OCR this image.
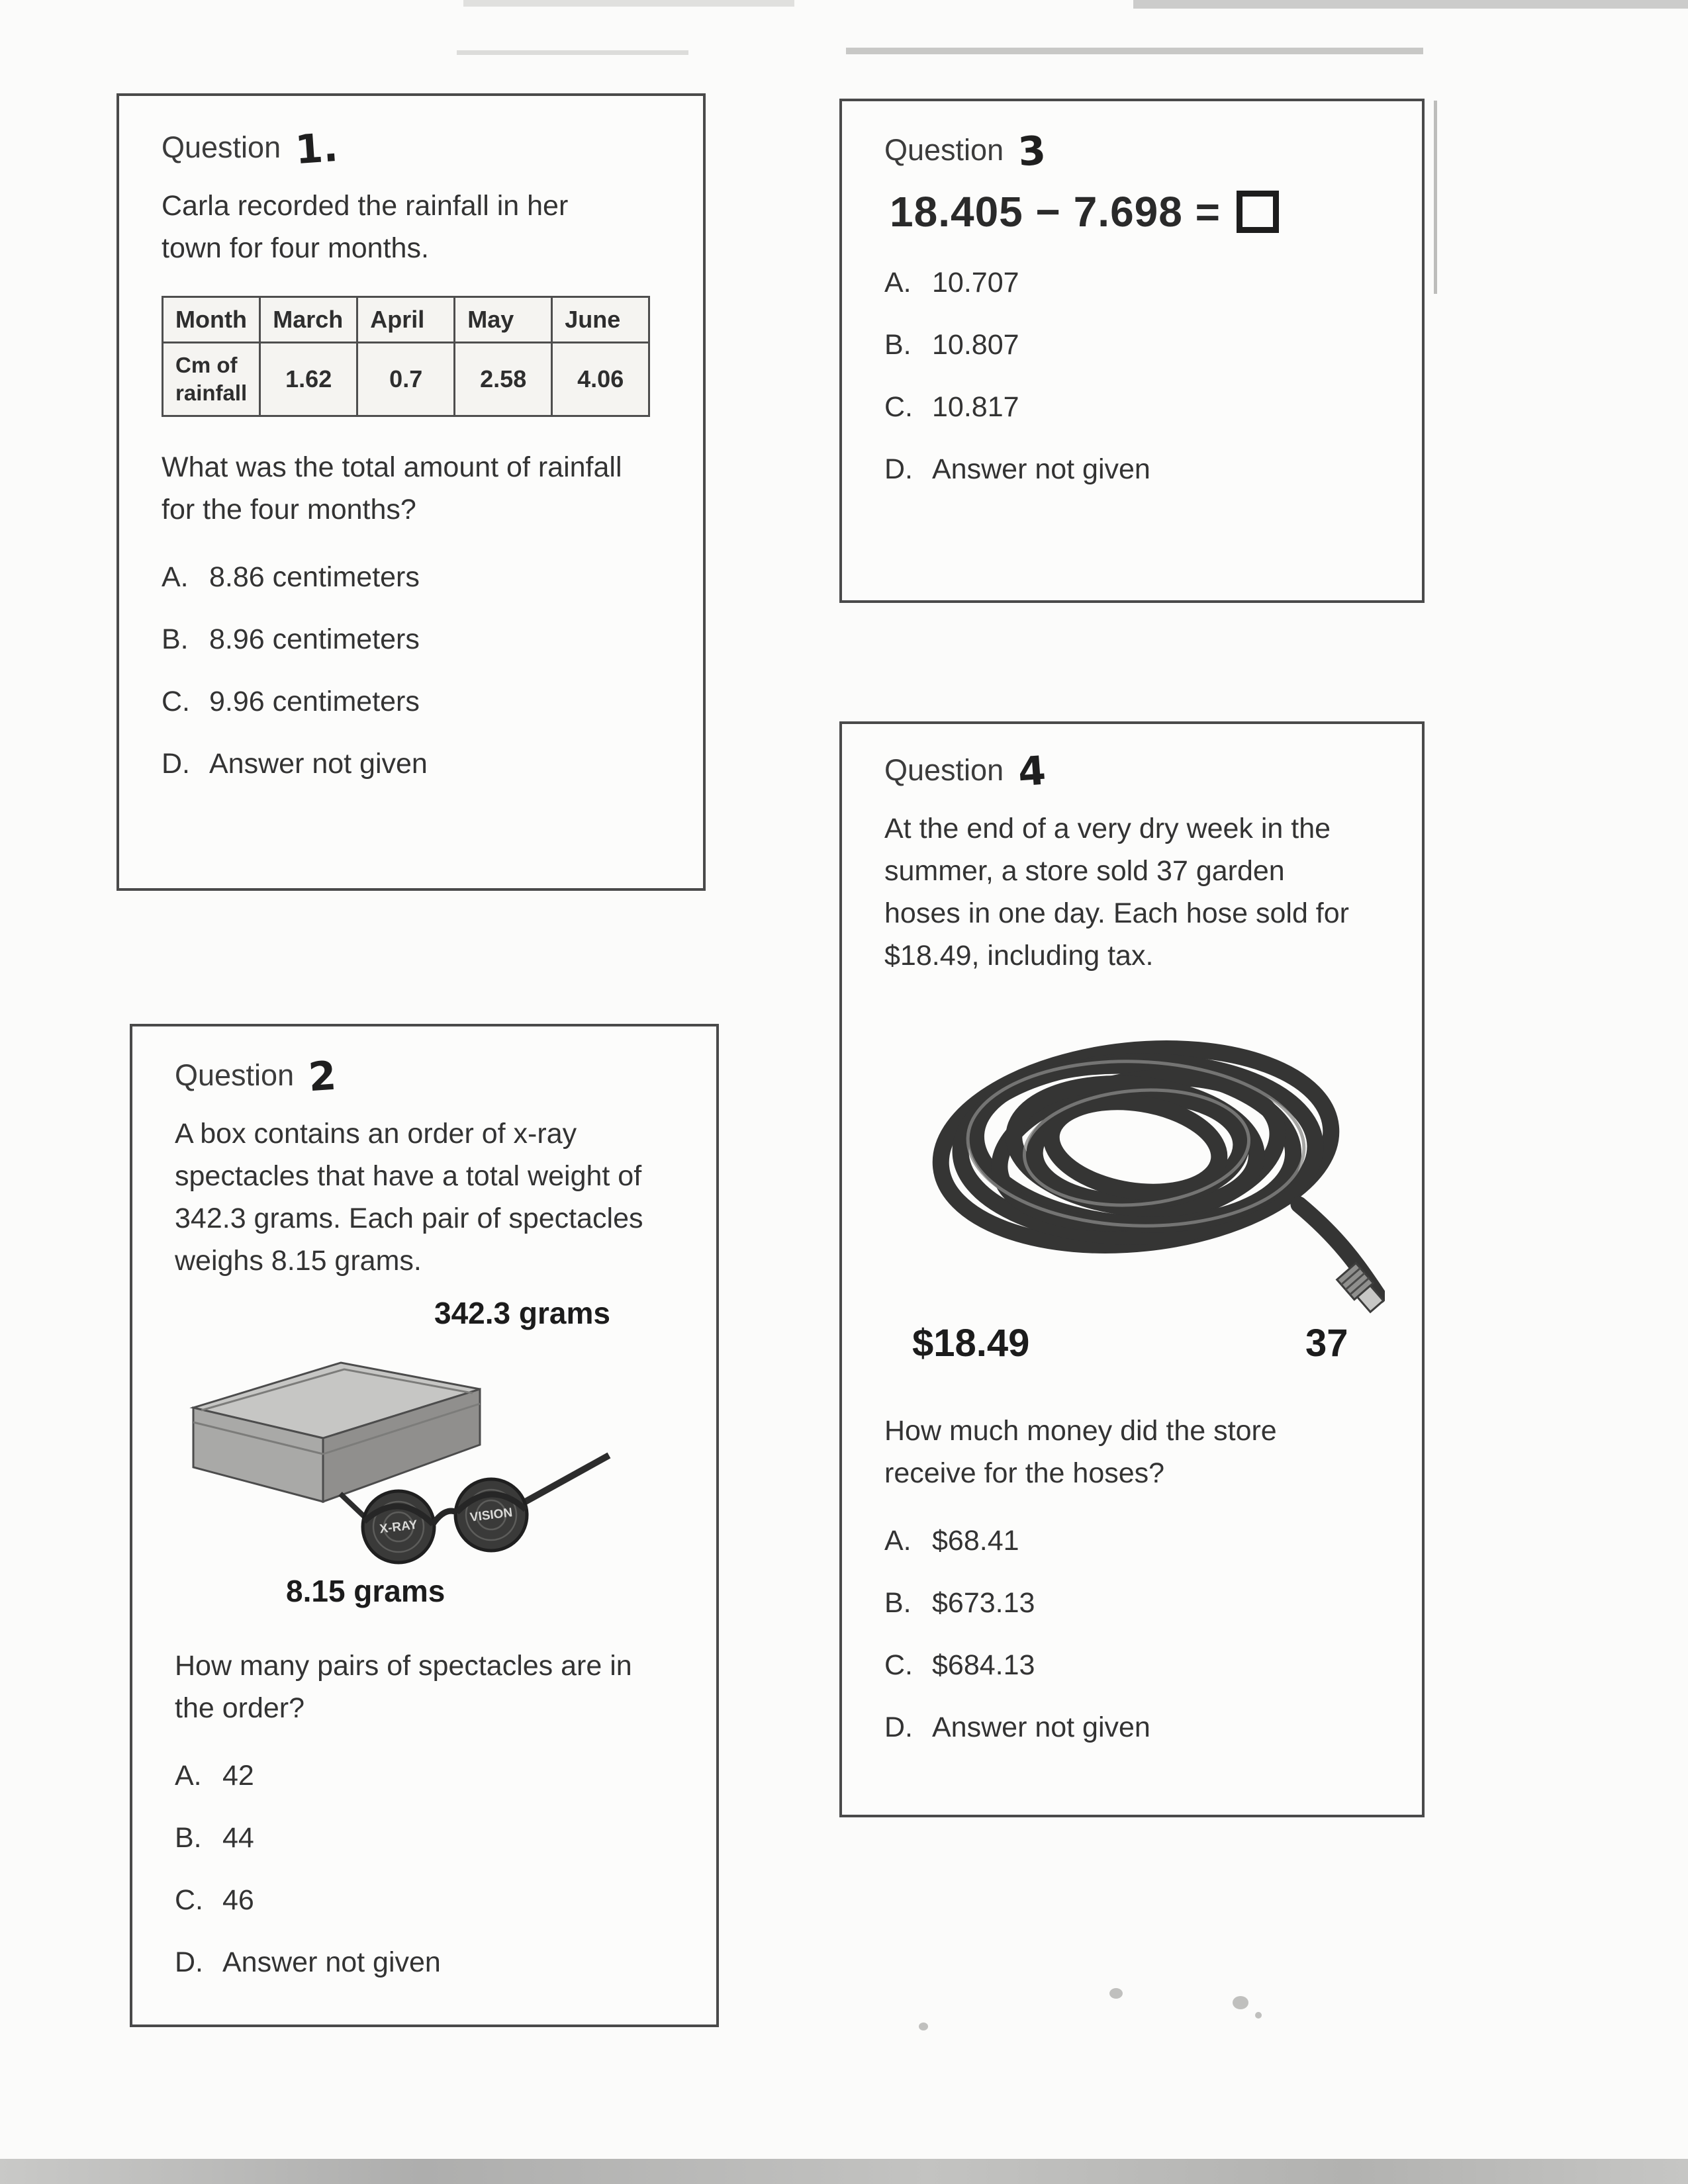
Question 1.
Carla recorded the rainfall in her
town for four months.
Month	March	April	May	June

Cm of
rainfall	1.62	0.7	2.58	4.06
What was the total amount of rainfall
for the four months?
A. 8.86 centimeters
B. 8.96 centimeters
C. 9.96 centimeters
D. Answer not given
Question 3
18.405 − 7.698 =
A. 10.707
B. 10.807
C. 10.817
D. Answer not given
Question 2
A box contains an order of x-ray
spectacles that have a total weight of
342.3 grams. Each pair of spectacles
weighs 8.15 grams.
X-RAY
VISION
342.3 grams
8.15 grams
How many pairs of spectacles are in
the order?
A. 42
B. 44
C. 46
D. Answer not given
Question 4
At the end of a very dry week in the
summer, a store sold 37 garden
hoses in one day. Each hose sold for
$18.49, including tax.
$18.49	37
How much money did the store
receive for the hoses?
A. $68.41
B. $673.13
C. $684.13
D. Answer not given
